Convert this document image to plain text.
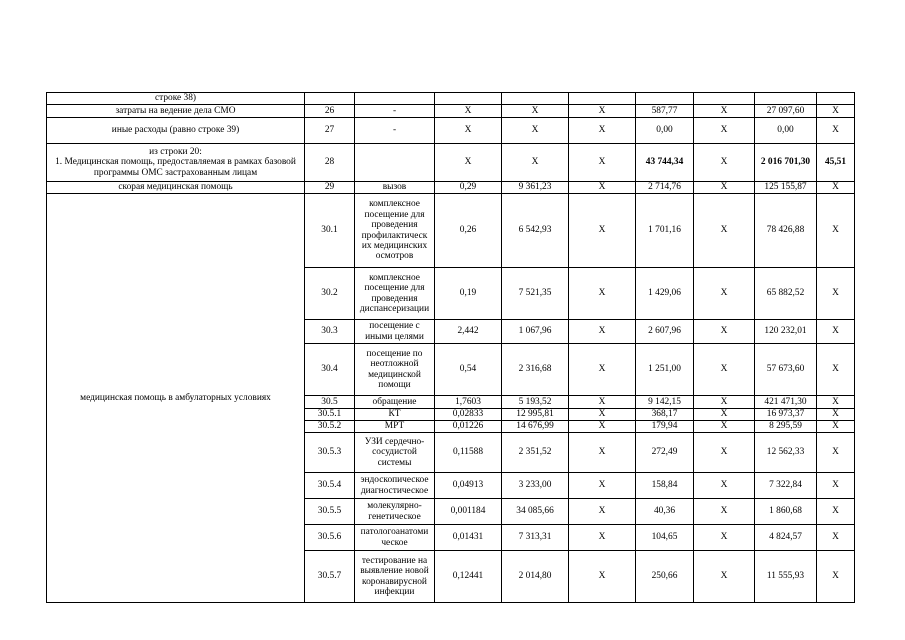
строке 38)									
затраты на ведение дела СМО	26	-	X	X	X	587,77	X	27 097,60	X
иные расходы (равно строке 39)	27	-	X	X	X	0,00	X	0,00	X

из строки 20:
1. Медицинская помощь, предоставляемая в рамках базовой программы ОМС застрахованным лицам	28		X	X	X	43 744,34	X	2 016 701,30	45,51
скорая медицинская помощь	29	вызов	0,29	9 361,23	X	2 714,76	X	125 155,87	X
медицинская помощь в амбулаторных условиях	30.1	комплексное посещение для проведения профилактическ их медицинских осмотров	0,26	6 542,93	X	1 701,16	X	78 426,88	X
	30.2	комплексное посещение для проведения диспансеризации	0,19	7 521,35	X	1 429,06	X	65 882,52	X
	30.3	посещение с иными целями	2,442	1 067,96	X	2 607,96	X	120 232,01	X
	30.4	посещение по неотложной медицинской помощи	0,54	2 316,68	X	1 251,00	X	57 673,60	X
	30.5	обращение	1,7603	5 193,52	X	9 142,15	X	421 471,30	X
	30.5.1	КТ	0,02833	12 995,81	X	368,17	X	16 973,37	X
	30.5.2	МРТ	0,01226	14 676,99	X	179,94	X	8 295,59	X
	30.5.3	УЗИ сердечно-сосудистой системы	0,11588	2 351,52	X	272,49	X	12 562,33	X
	30.5.4	эндоскопическое диагностическое	0,04913	3 233,00	X	158,84	X	7 322,84	X
	30.5.5	молекулярно-генетическое	0,001184	34 085,66	X	40,36	X	1 860,68	X
	30.5.6	патологоанатоми ческое	0,01431	7 313,31	X	104,65	X	4 824,57	X
	30.5.7	тестирование на выявление новой коронавирусной инфекции	0,12441	2 014,80	X	250,66	X	11 555,93	X
